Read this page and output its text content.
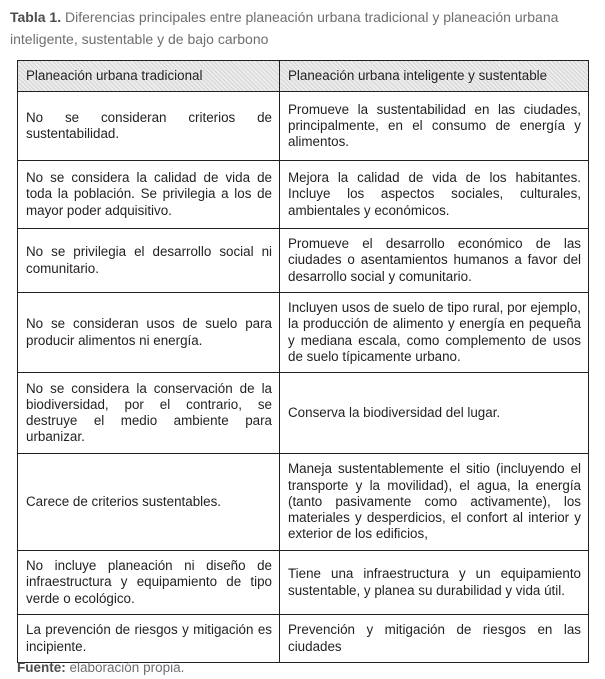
Tabla 1. Diferencias principales entre planeación urbana tradicional y planeación urbana inteligente, sustentable y de bajo carbono
Planeación urbana tradicional	Planeación urbana inteligente y sustentable
No se consideran criterios de sustentabilidad.	Promueve la sustentabilidad en las ciudades, principalmente, en el consumo de energía y alimentos.
No se considera la calidad de vida de toda la población. Se privilegia a los de mayor poder adquisitivo.	Mejora la calidad de vida de los habitantes. Incluye los aspectos sociales, culturales, ambientales y económicos.
No se privilegia el desarrollo social ni comunitario.	Promueve el desarrollo económico de las ciudades o asentamientos humanos a favor del desarrollo social y comunitario.
No se consideran usos de suelo para producir alimentos ni energía.	Incluyen usos de suelo de tipo rural, por ejemplo, la producción de alimento y energía en pequeña y mediana escala, como complemento de usos de suelo típicamente urbano.
No se considera la conservación de la biodiversidad, por el contrario, se destruye el medio ambiente para urbanizar.	Conserva la biodiversidad del lugar.
Carece de criterios sustentables.	Maneja sustentablemente el sitio (incluyendo el transporte y la movilidad), el agua, la energía (tanto pasivamente como activamente), los materiales y desperdicios, el confort al interior y exterior de los edificios,
No incluye planeación ni diseño de infraestructura y equipamiento de tipo verde o ecológico.	Tiene una infraestructura y un equipamiento sustentable, y planea su durabilidad y vida útil.
La prevención de riesgos y mitigación es incipiente.	Prevención y mitigación de riesgos en las ciudades
Fuente: elaboración propia.
